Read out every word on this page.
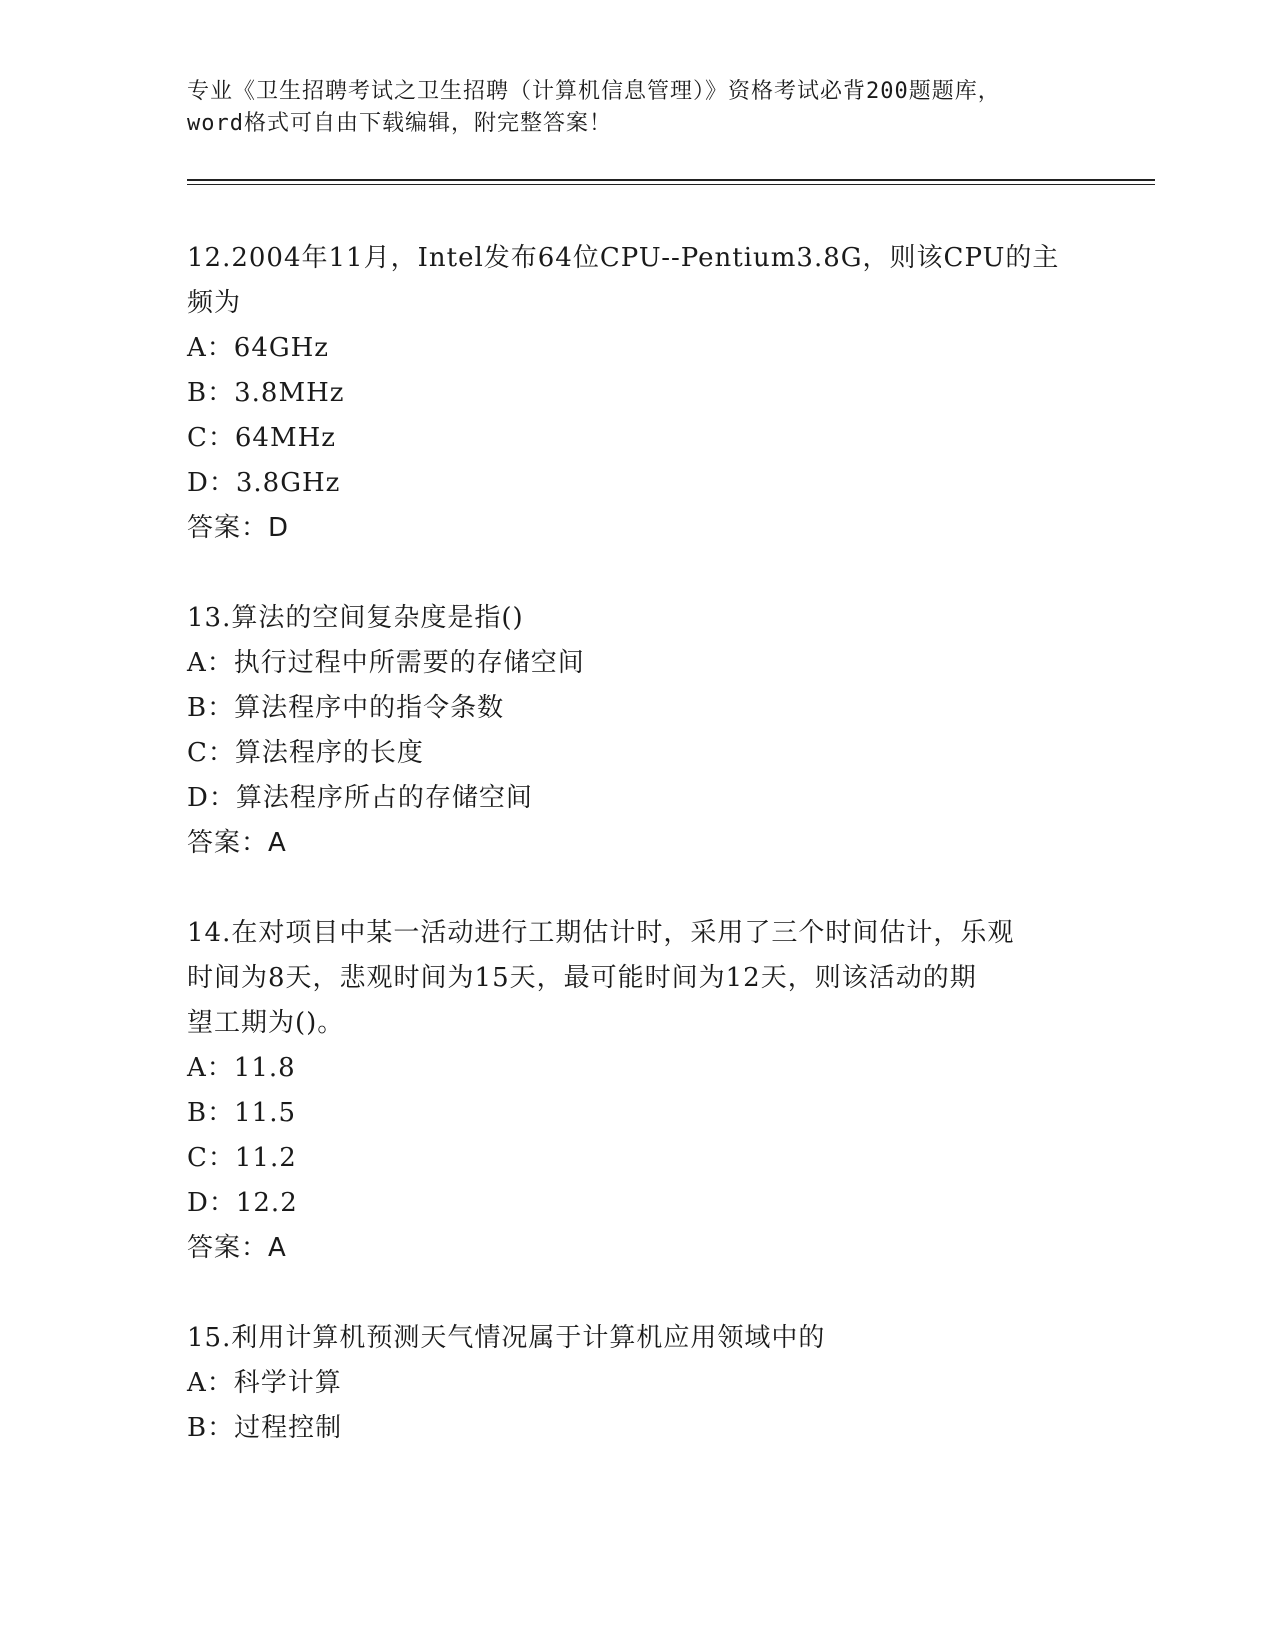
专业《卫生招聘考试之卫生招聘（计算机信息管理）》资格考试必背200题题库，
word格式可自由下载编辑，附完整答案！
12.2004年11月，Intel发布64位CPU--Pentium3.8G，则该CPU的主
频为
A：64GHz
B：3.8MHz
C：64MHz
D：3.8GHz
答案：D
13.算法的空间复杂度是指()
A：执行过程中所需要的存储空间
B：算法程序中的指令条数
C：算法程序的长度
D：算法程序所占的存储空间
答案：A
14.在对项目中某一活动进行工期估计时，采用了三个时间估计，乐观
时间为8天，悲观时间为15天，最可能时间为12天，则该活动的期
望工期为()。
A：11.8
B：11.5
C：11.2
D：12.2
答案：A
15.利用计算机预测天气情况属于计算机应用领域中的
A：科学计算
B：过程控制
